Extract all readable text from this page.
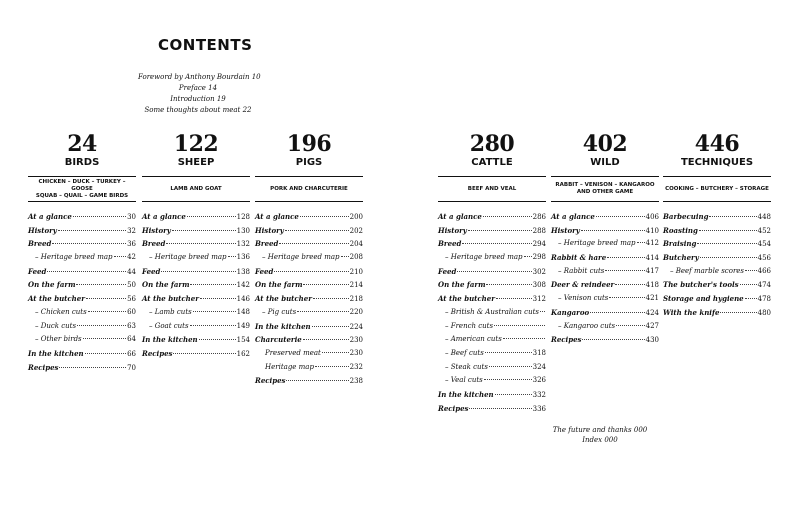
CONTENTS
Foreword by Anthony Bourdain 10
Preface 14
Introduction 19
Some thoughts about meat 22
24
BIRDS
CHICKEN – DUCK – TURKEY – GOOSE
SQUAB – QUAIL – GAME BIRDS
At a glance	30
History	32
Breed	36
– Heritage breed map 42
Feed	44
On the farm	50
At the butcher	56
– Chicken cuts	60
– Duck cuts	63
– Other birds	64
In the kitchen	66
Recipes	70
122
SHEEP
LAMB AND GOAT
At a glance	128
History	130
Breed	132
– Heritage breed map 136
Feed	138
On the farm	142
At the butcher	146
– Lamb cuts	148
– Goat cuts	149
In the kitchen	154
Recipes	162
196
PIGS
PORK AND CHARCUTERIE
At a glance	200
History	202
Breed	204
– Heritage breed map 208
Feed	210
On the farm	214
At the butcher	218
– Pig cuts	220
In the kitchen	224
Charcuterie	230
Preserved meat	230
Heritage map	232
Recipes	238
280
CATTLE
BEEF AND VEAL
At a glance	286
History	288
Breed	294
– Heritage breed map 298
Feed	302
On the farm	308
At the butcher	312
– British & Australian cuts
– French cuts
– American cuts
– Beef cuts	318
– Steak cuts	324
– Veal cuts	326
In the kitchen	332
Recipes	336
402
WILD
RABBIT – VENISON – KANGAROO
AND OTHER GAME
At a glance	406
History	410
– Heritage breed map 412
Rabbit & hare	414
– Rabbit cuts	417
Deer & reindeer	418
– Venison cuts	421
Kangaroo	424
– Kangaroo cuts	427
Recipes	430
446
TECHNIQUES
COOKING – BUTCHERY – STORAGE
Barbecuing	448
Roasting	452
Braising	454
Butchery	456
– Beef marble scores 466
The butcher's tools	474
Storage and hygiene 478
With the knife	480
The future and thanks 000
Index 000
